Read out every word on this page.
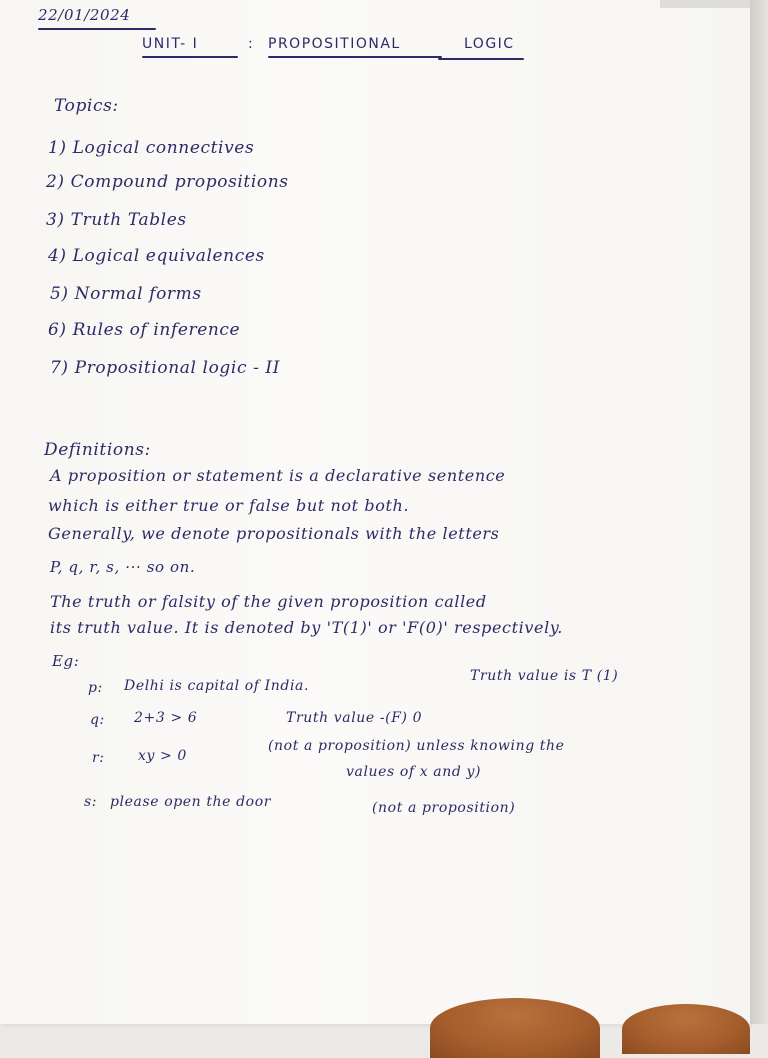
22/01/2024
UNIT- I	: PROPOSITIONAL	LOGIC
Topics:
1) Logical connectives
2) Compound propositions
3) Truth Tables
4) Logical equivalences
5) Normal forms
6) Rules of inference
7) Propositional logic - II
Definitions:
A proposition or statement is a declarative sentence
which is either true or false but not both.
Generally, we denote propositionals with the letters
P, q, r, s, ··· so on.
The truth or falsity of the given proposition called
its truth value. It is denoted by 'T(1)' or 'F(0)' respectively.
Eg:
p: Delhi is capital of India.
Truth value is T (1)
q: 2+3 > 6	Truth value -(F) 0
r: xy > 0
(not a proposition) unless knowing the
values of x and y)
s: please open the door	(not a proposition)
